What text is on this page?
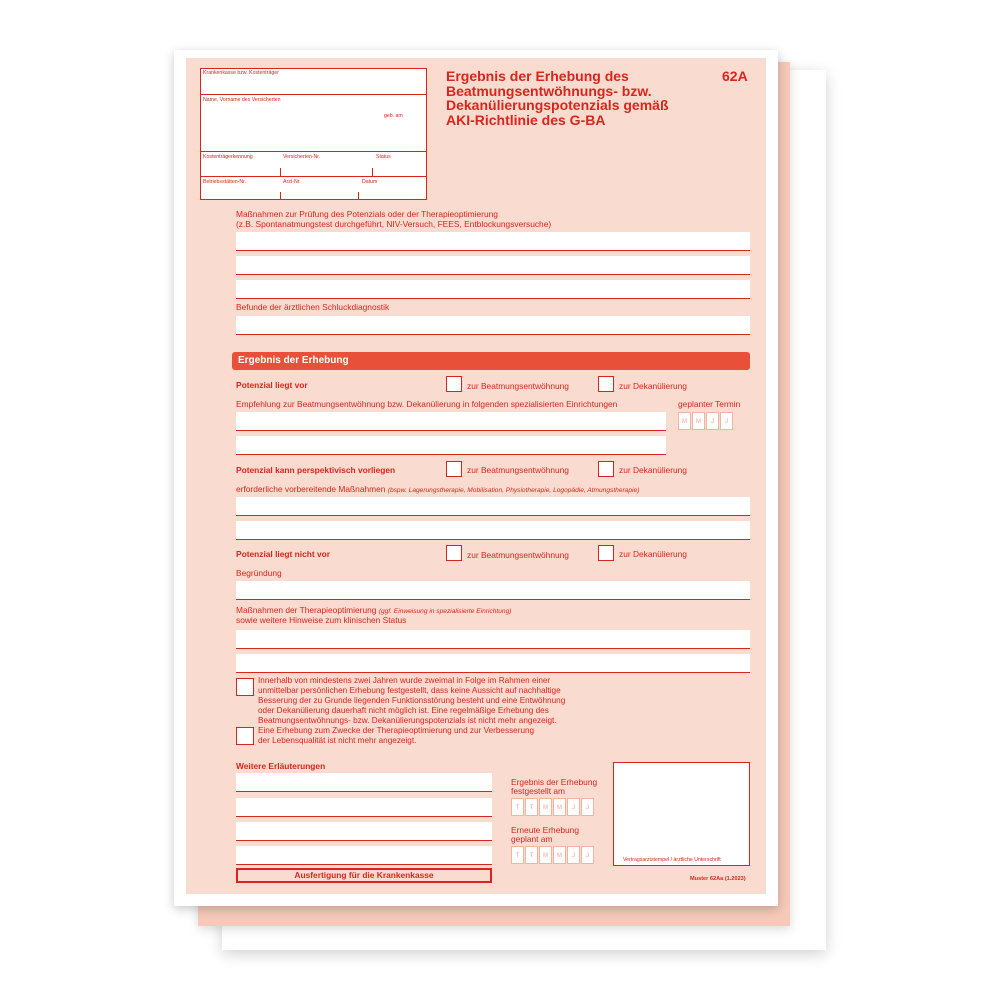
Krankenkasse bzw. Kostenträger
Name, Vorname des Versicherten
geb. am
Kostenträgerkennung	Versicherten-Nr.	Status
Betriebsstätten-Nr.	Arzt-Nr.	Datum
Ergebnis der Erhebung des
Beatmungsentwöhnungs- bzw.
Dekanülierungspotenzials gemäß
AKI-Richtlinie des G-BA
62A
Maßnahmen zur Prüfung des Potenzials oder der Therapieoptimierung
(z.B. Spontanatmungstest durchgeführt, NIV-Versuch, FEES, Entblockungsversuche)
Befunde der ärztlichen Schluckdiagnostik
Ergebnis der Erhebung
Potenzial liegt vor	zur Beatmungsentwöhnung	zur Dekanülierung
Empfehlung zur Beatmungsentwöhnung bzw. Dekanülierung in folgenden spezialisierten Einrichtungen	geplanter Termin
M	M	J	J
Potenzial kann perspektivisch vorliegen	zur Beatmungsentwöhnung	zur Dekanülierung
erforderliche vorbereitende Maßnahmen (bspw. Lagerungstherapie, Mobilisation, Physiotherapie, Logopädie, Atmungstherapie)
Potenzial liegt nicht vor	zur Beatmungsentwöhnung	zur Dekanülierung
Begründung
Maßnahmen der Therapieoptimierung (ggf. Einweisung in spezialisierte Einrichtung)
sowie weitere Hinweise zum klinischen Status
Innerhalb von mindestens zwei Jahren wurde zweimal in Folge im Rahmen einer
unmittelbar persönlichen Erhebung festgestellt, dass keine Aussicht auf nachhaltige
Besserung der zu Grunde liegenden Funktionsstörung besteht und eine Entwöhnung
oder Dekanülierung dauerhaft nicht möglich ist. Eine regelmäßige Erhebung des
Beatmungsentwöhnungs- bzw. Dekanülierungspotenzials ist nicht mehr angezeigt.
Eine Erhebung zum Zwecke der Therapieoptimierung und zur Verbesserung
der Lebensqualität ist nicht mehr angezeigt.
Weitere Erläuterungen
Ausfertigung für die Krankenkasse
Ergebnis der Erhebung
festgestellt am
T	T	M	M	J	J
Erneute Erhebung
geplant am
T	T	M	M	J	J
Vertragsarztstempel / ärztliche Unterschrift
Muster 62Aa (1.2023)
